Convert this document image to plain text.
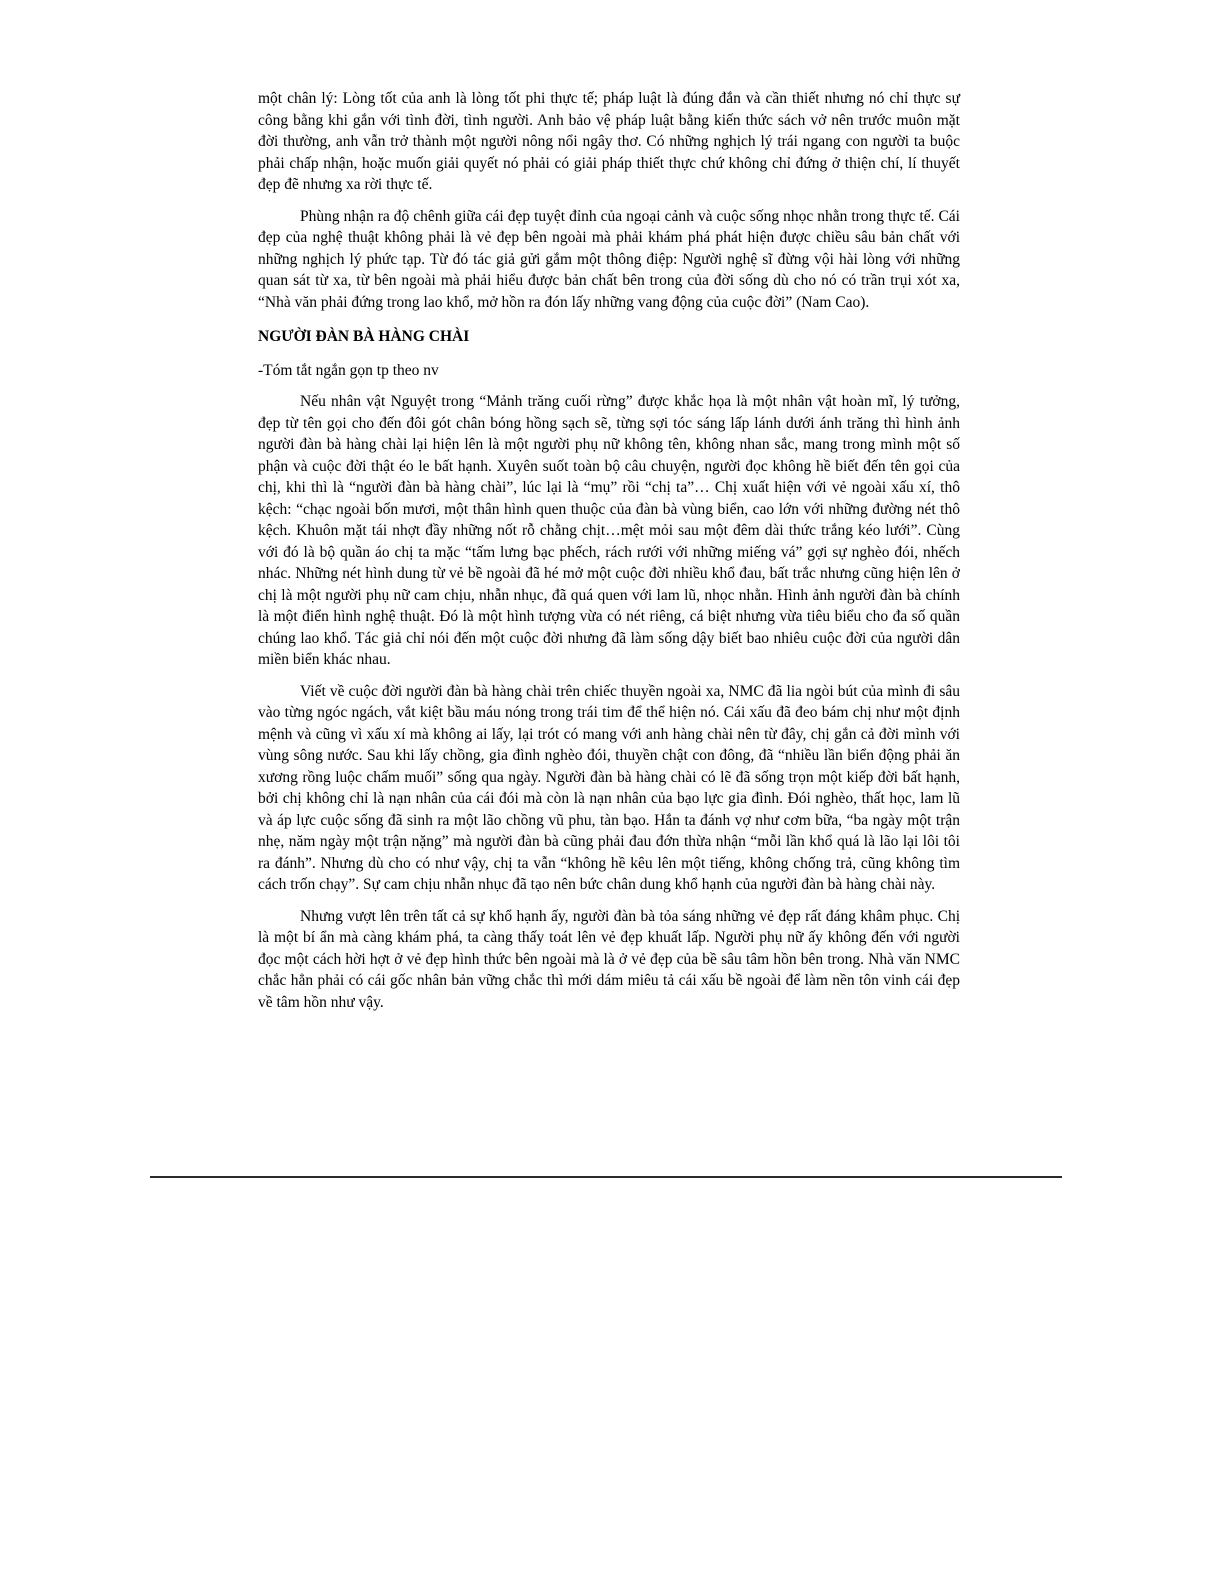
một chân lý: Lòng tốt của anh là lòng tốt phi thực tế; pháp luật là đúng đắn và cần thiết nhưng nó chỉ thực sự công bằng khi gắn với tình đời, tình người. Anh bảo vệ pháp luật bằng kiến thức sách vở nên trước muôn mặt đời thường, anh vẫn trở thành một người nông nổi ngây thơ. Có những nghịch lý trái ngang con người ta buộc phải chấp nhận, hoặc muốn giải quyết nó phải có giải pháp thiết thực chứ không chỉ đứng ở thiện chí, lí thuyết đẹp đẽ nhưng xa rời thực tế.

Phùng nhận ra độ chênh giữa cái đẹp tuyệt đỉnh của ngoại cảnh và cuộc sống nhọc nhằn trong thực tế. Cái đẹp của nghệ thuật không phải là vẻ đẹp bên ngoài mà phải khám phá phát hiện được chiều sâu bản chất với những nghịch lý phức tạp. Từ đó tác giả gửi gắm một thông điệp: Người nghệ sĩ đừng vội hài lòng với những quan sát từ xa, từ bên ngoài mà phải hiểu được bản chất bên trong của đời sống dù cho nó có trần trụi xót xa, “Nhà văn phải đứng trong lao khổ, mở hồn ra đón lấy những vang động của cuộc đời” (Nam Cao).

NGƯỜI ĐÀN BÀ HÀNG CHÀI

-Tóm tắt ngắn gọn tp theo nv

Nếu nhân vật Nguyệt trong “Mảnh trăng cuối rừng” được khắc họa là một nhân vật hoàn mĩ, lý tưởng, đẹp từ tên gọi cho đến đôi gót chân bóng hồng sạch sẽ, từng sợi tóc sáng lấp lánh dưới ánh trăng thì hình ảnh người đàn bà hàng chài lại hiện lên là một người phụ nữ không tên, không nhan sắc, mang trong mình một số phận và cuộc đời thật éo le bất hạnh. Xuyên suốt toàn bộ câu chuyện, người đọc không hề biết đến tên gọi của chị, khi thì là “người đàn bà hàng chài”, lúc lại là “mụ” rồi “chị ta”… Chị xuất hiện với vẻ ngoài xấu xí, thô kệch: “chạc ngoài bốn mươi, một thân hình quen thuộc của đàn bà vùng biển, cao lớn với những đường nét thô kệch. Khuôn mặt tái nhợt đầy những nốt rỗ chằng chịt…mệt mỏi sau một đêm dài thức trắng kéo lưới”. Cùng với đó là bộ quần áo chị ta mặc “tấm lưng bạc phếch, rách rưới với những miếng vá” gợi sự nghèo đói, nhếch nhác. Những nét hình dung từ vẻ bề ngoài đã hé mở một cuộc đời nhiều khổ đau, bất trắc nhưng cũng hiện lên ở chị là một người phụ nữ cam chịu, nhẫn nhục, đã quá quen với lam lũ, nhọc nhằn. Hình ảnh người đàn bà chính là một điển hình nghệ thuật. Đó là một hình tượng vừa có nét riêng, cá biệt nhưng vừa tiêu biểu cho đa số quần chúng lao khổ. Tác giả chỉ nói đến một cuộc đời nhưng đã làm sống dậy biết bao nhiêu cuộc đời của người dân miền biển khác nhau.

Viết về cuộc đời người đàn bà hàng chài trên chiếc thuyền ngoài xa, NMC đã lia ngòi bút của mình đi sâu vào từng ngóc ngách, vắt kiệt bầu máu nóng trong trái tim để thể hiện nó. Cái xấu đã đeo bám chị như một định mệnh và cũng vì xấu xí mà không ai lấy, lại trót có mang với anh hàng chài nên từ đây, chị gắn cả đời mình với vùng sông nước. Sau khi lấy chồng, gia đình nghèo đói, thuyền chật con đông, đã “nhiều lần biển động phải ăn xương rồng luộc chấm muối” sống qua ngày. Người đàn bà hàng chài có lẽ đã sống trọn một kiếp đời bất hạnh, bởi chị không chỉ là nạn nhân của cái đói mà còn là nạn nhân của bạo lực gia đình. Đói nghèo, thất học, lam lũ và áp lực cuộc sống đã sinh ra một lão chồng vũ phu, tàn bạo. Hắn ta đánh vợ như cơm bữa, “ba ngày một trận nhẹ, năm ngày một trận nặng” mà người đàn bà cũng phải đau đớn thừa nhận “mỗi lần khổ quá là lão lại lôi tôi ra đánh”. Nhưng dù cho có như vậy, chị ta vẫn “không hề kêu lên một tiếng, không chống trả, cũng không tìm cách trốn chạy”. Sự cam chịu nhẫn nhục đã tạo nên bức chân dung khổ hạnh của người đàn bà hàng chài này.

Nhưng vượt lên trên tất cả sự khổ hạnh ấy, người đàn bà tỏa sáng những vẻ đẹp rất đáng khâm phục. Chị là một bí ẩn mà càng khám phá, ta càng thấy toát lên vẻ đẹp khuất lấp. Người phụ nữ ấy không đến với người đọc một cách hời hợt ở vẻ đẹp hình thức bên ngoài mà là ở vẻ đẹp của bề sâu tâm hồn bên trong. Nhà văn NMC chắc hẳn phải có cái gốc nhân bản vững chắc thì mới dám miêu tả cái xấu bề ngoài để làm nền tôn vinh cái đẹp về tâm hồn như vậy.
